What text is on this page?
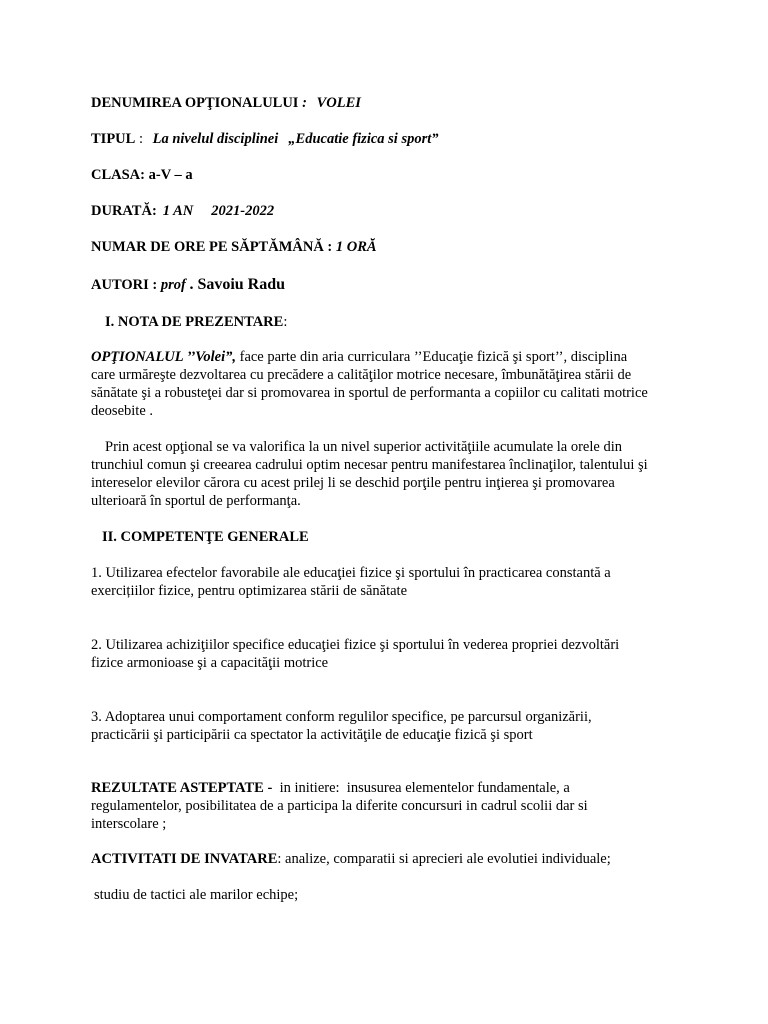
DENUMIREA OPŢIONALULUI : VOLEI
TIPUL : La nivelul disciplinei „Educatie fizica si sport”
CLASA: a-V – a
DURATĂ: 1 AN 2021-2022
NUMAR DE ORE PE SĂPTĂMÂNĂ : 1 ORĂ
AUTORI : prof . Savoiu Radu
I. NOTA DE PREZENTARE:
OPŢIONALUL ’’Volei”, face parte din aria curriculara ’’Educaţie fizică şi sport’’, disciplina
care urmăreşte dezvoltarea cu precădere a calităţilor motrice necesare, îmbunătăţirea stării de
sănătate şi a robusteţei dar si promovarea in sportul de performanta a copiilor cu calitati motrice
deosebite .
Prin acest opţional se va valorifica la un nivel superior activităţiile acumulate la orele din
trunchiul comun şi creearea cadrului optim necesar pentru manifestarea înclinaţilor, talentului şi
intereselor elevilor cărora cu acest prilej li se deschid porţile pentru inţierea şi promovarea
ulterioară în sportul de performanţa.
II. COMPETENŢE GENERALE
1. Utilizarea efectelor favorabile ale educaţiei fizice şi sportului în practicarea constantă a
exercițiilor fizice, pentru optimizarea stării de sănătate
2. Utilizarea achiziţiilor specifice educaţiei fizice şi sportului în vederea propriei dezvoltări
fizice armonioase şi a capacităţii motrice
3. Adoptarea unui comportament conform regulilor specifice, pe parcursul organizării,
practicării şi participării ca spectator la activităţile de educaţie fizică şi sport
REZULTATE ASTEPTATE -  in initiere:  insusurea elementelor fundamentale, a
regulamentelor, posibilitatea de a participa la diferite concursuri in cadrul scolii dar si
interscolare ;
ACTIVITATI DE INVATARE: analize, comparatii si aprecieri ale evolutiei individuale;
studiu de tactici ale marilor echipe;
